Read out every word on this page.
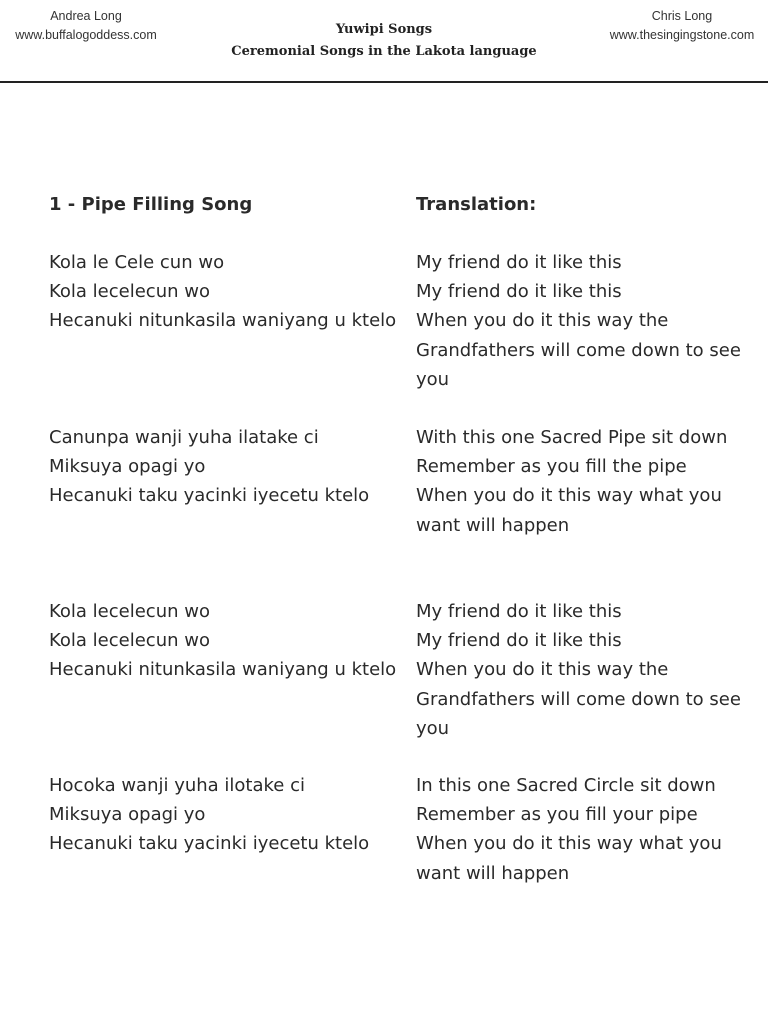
Andrea Long
www.buffalogoddess.com	Yuwipi Songs
Ceremonial Songs in the Lakota language
Chris Long
www.thesingingstone.com
1 - Pipe Filling Song
Kola le Cele cun wo
Kola lecelecun wo
Hecanuki nitunkasila waniyang u ktelo
Canunpa wanji yuha ilatake ci
Miksuya opagi yo
Hecanuki taku yacinki iyecetu ktelo
Kola lecelecun wo
Kola lecelecun wo
Hecanuki nitunkasila waniyang u ktelo
Hocoka wanji yuha ilotake ci
Miksuya opagi yo
Hecanuki taku yacinki iyecetu ktelo
Translation:
My friend do it like this
My friend do it like this
When you do it this way the Grandfathers will come down to see you
With this one Sacred Pipe sit down
Remember as you fill the pipe
When you do it this way what you want will happen
My friend do it like this
My friend do it like this
When you do it this way the Grandfathers will come down to see you
In this one Sacred Circle sit down
Remember as you fill your pipe
When you do it this way what you want will happen
